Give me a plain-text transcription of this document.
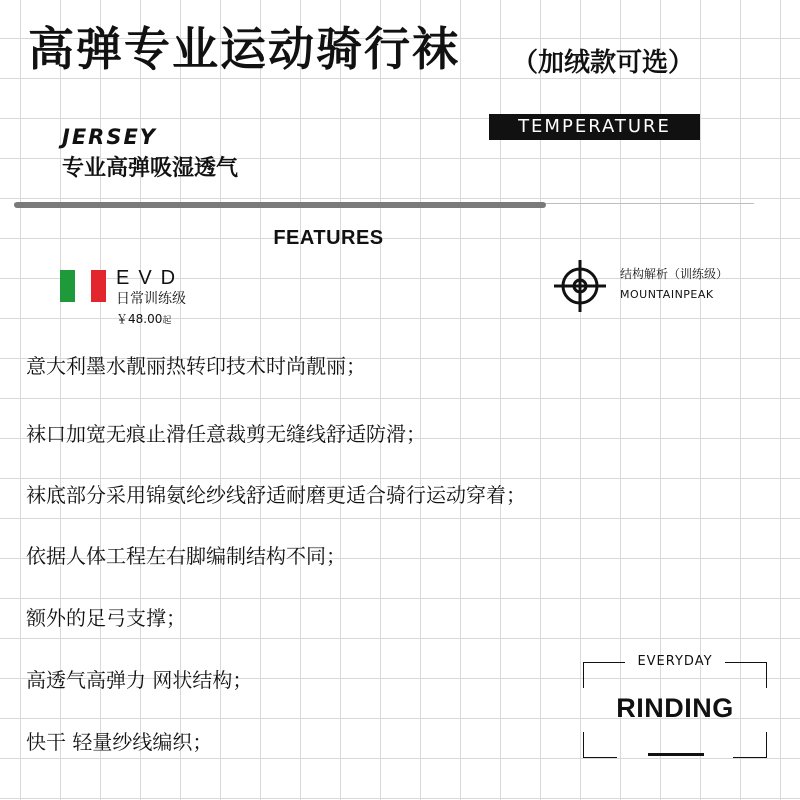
高弹专业运动骑行袜 （加绒款可选）
JERSEY
专业高弹吸湿透气
TEMPERATURE
FEATURES
EVD
日常训练级
￥48.00起
结构解析（训练级）
MOUNTAINPEAK
意大利墨水靓丽热转印技术时尚靓丽；
袜口加宽无痕止滑任意裁剪无缝线舒适防滑；
袜底部分采用锦氨纶纱线舒适耐磨更适合骑行运动穿着；
依据人体工程左右脚编制结构不同；
额外的足弓支撑；
高透气高弹力 网状结构；
快干 轻量纱线编织；
EVERYDAY
RINDING
